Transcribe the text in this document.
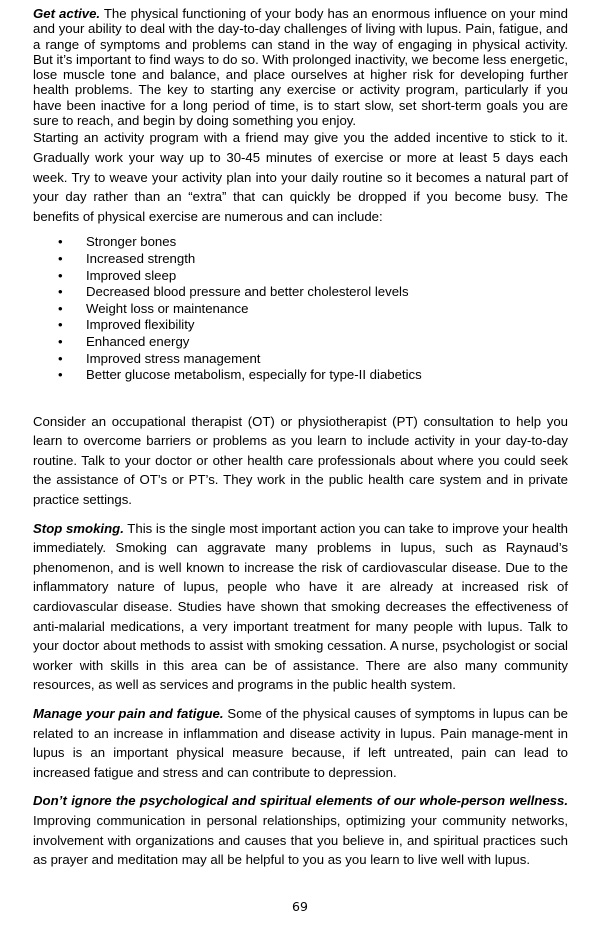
Get active. The physical functioning of your body has an enormous influence on your mind and your ability to deal with the day-to-day challenges of living with lupus. Pain, fatigue, and a range of symptoms and problems can stand in the way of engaging in physical activity. But it’s important to find ways to do so. With prolonged inactivity, we become less energetic, lose muscle tone and balance, and place ourselves at higher risk for developing further health problems. The key to starting any exercise or activity program, particularly if you have been inactive for a long period of time, is to start slow, set short-term goals you are sure to reach, and begin by doing something you enjoy.

Starting an activity program with a friend may give you the added incentive to stick to it. Gradually work your way up to 30-45 minutes of exercise or more at least 5 days each week. Try to weave your activity plan into your daily routine so it becomes a natural part of your day rather than an “extra” that can quickly be dropped if you become busy. The benefits of physical exercise are numerous and can include:

• Stronger bones
• Increased strength
• Improved sleep
• Decreased blood pressure and better cholesterol levels
• Weight loss or maintenance
• Improved flexibility
• Enhanced energy
• Improved stress management
• Better glucose metabolism, especially for type-II diabetics

Consider an occupational therapist (OT) or physiotherapist (PT) consultation to help you learn to overcome barriers or problems as you learn to include activity in your day-to-day routine. Talk to your doctor or other health care professionals about where you could seek the assistance of OT’s or PT’s. They work in the public health care system and in private practice settings.

Stop smoking. This is the single most important action you can take to improve your health immediately. Smoking can aggravate many problems in lupus, such as Raynaud’s phenomenon, and is well known to increase the risk of cardiovascular disease. Due to the inflammatory nature of lupus, people who have it are already at increased risk of cardiovascular disease. Studies have shown that smoking decreases the effectiveness of anti-malarial medications, a very important treatment for many people with lupus. Talk to your doctor about methods to assist with smoking cessation. A nurse, psychologist or social worker with skills in this area can be of assistance. There are also many community resources, as well as services and programs in the public health system.

Manage your pain and fatigue. Some of the physical causes of symptoms in lupus can be related to an increase in inflammation and disease activity in lupus. Pain manage-ment in lupus is an important physical measure because, if left untreated, pain can lead to increased fatigue and stress and can contribute to depression.

Don’t ignore the psychological and spiritual elements of our whole-person wellness. Improving communication in personal relationships, optimizing your community networks, involvement with organizations and causes that you believe in, and spiritual practices such as prayer and meditation may all be helpful to you as you learn to live well with lupus.

69
